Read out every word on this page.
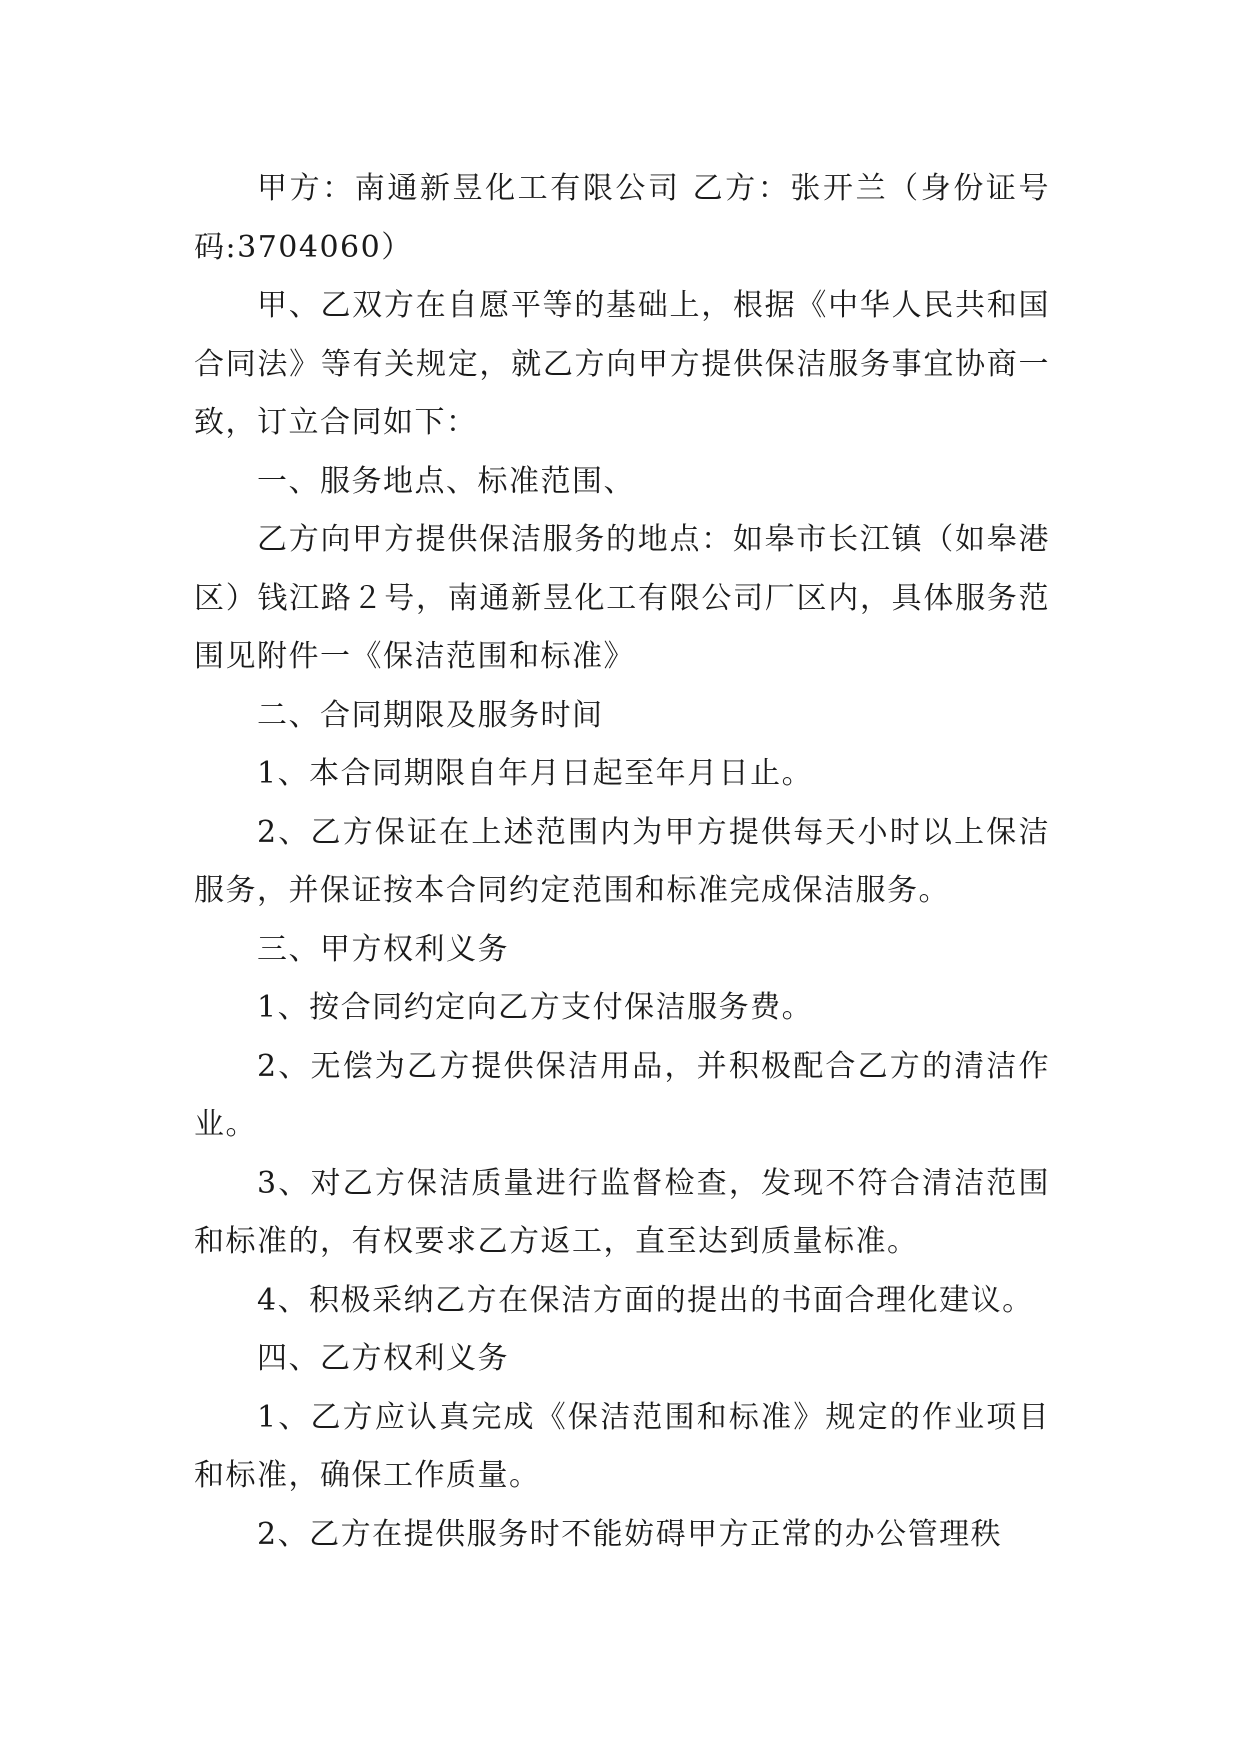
甲方：南通新昱化工有限公司 乙方：张开兰（身份证号码:3704060）

甲、乙双方在自愿平等的基础上，根据《中华人民共和国合同法》等有关规定，就乙方向甲方提供保洁服务事宜协商一致，订立合同如下：

一、服务地点、标准范围、

乙方向甲方提供保洁服务的地点：如皋市长江镇（如皋港区）钱江路２号，南通新昱化工有限公司厂区内，具体服务范围见附件一《保洁范围和标准》

二、合同期限及服务时间

1、本合同期限自年月日起至年月日止。

2、乙方保证在上述范围内为甲方提供每天小时以上保洁服务，并保证按本合同约定范围和标准完成保洁服务。

三、甲方权利义务

1、按合同约定向乙方支付保洁服务费。

2、无偿为乙方提供保洁用品，并积极配合乙方的清洁作业。

3、对乙方保洁质量进行监督检查，发现不符合清洁范围和标准的，有权要求乙方返工，直至达到质量标准。

4、积极采纳乙方在保洁方面的提出的书面合理化建议。

四、乙方权利义务

1、乙方应认真完成《保洁范围和标准》规定的作业项目和标准，确保工作质量。

2、乙方在提供服务时不能妨碍甲方正常的办公管理秩
